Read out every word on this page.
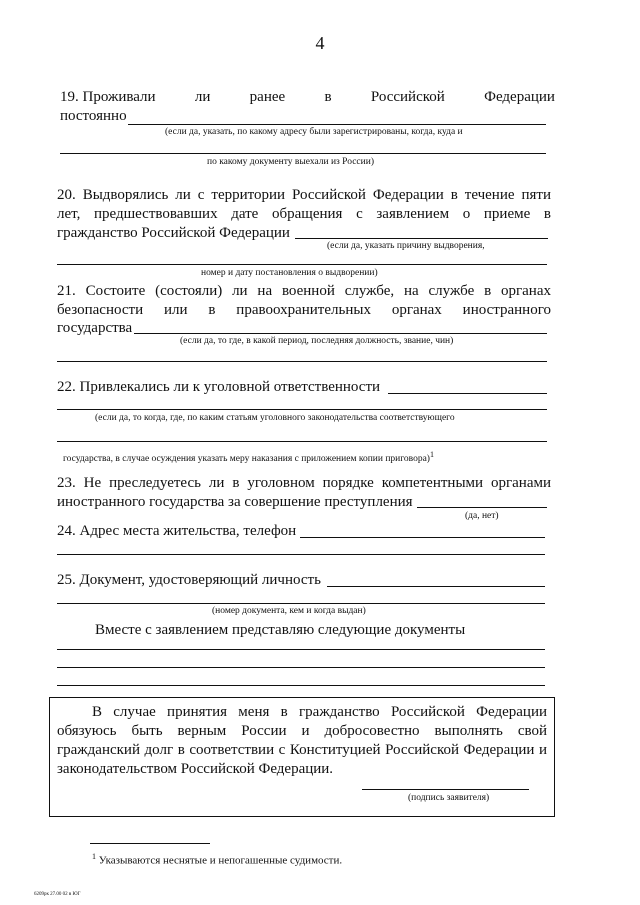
4
19. Проживали	ли	ранее	в	Российской	Федерации
постоянно
(если да, указать, по какому адресу были зарегистрированы, когда, куда и
по какому документу выехали из России)
20. Выдворялись ли с территории Российской Федерации в течение пяти
лет, предшествовавших дате обращения с заявлением о приеме в
гражданство Российской Федерации
(если да, указать причину выдворения,
номер и дату постановления о выдворении)
21. Состоите (состояли) ли на военной службе, на службе в органах
безопасности или в правоохранительных органах иностранного
государства
(если да, то где, в какой период, последняя должность, звание, чин)
22. Привлекались ли к уголовной ответственности
(если да, то когда, где, по каким статьям уголовного законодательства соответствующего
государства, в случае осуждения указать меру наказания с приложением копии приговора)$^1$
23. Не преследуетесь ли в уголовном порядке компетентными органами
иностранного государства за совершение преступления
(да, нет)
24. Адрес места жительства, телефон
25. Документ, удостоверяющий личность
(номер документа, кем и когда выдан)
Вместе с заявлением представляю следующие документы
В случае принятия меня в гражданство Российской Федерации
обязуюсь быть верным России и добросовестно выполнять свой
гражданский долг в соответствии с Конституцией Российской Федерации и
законодательством Российской Федерации.
(подпись заявителя)
$^1$ Указываются неснятые и непогашенные судимости.
6209рк 27.00 02 в ЮГ
